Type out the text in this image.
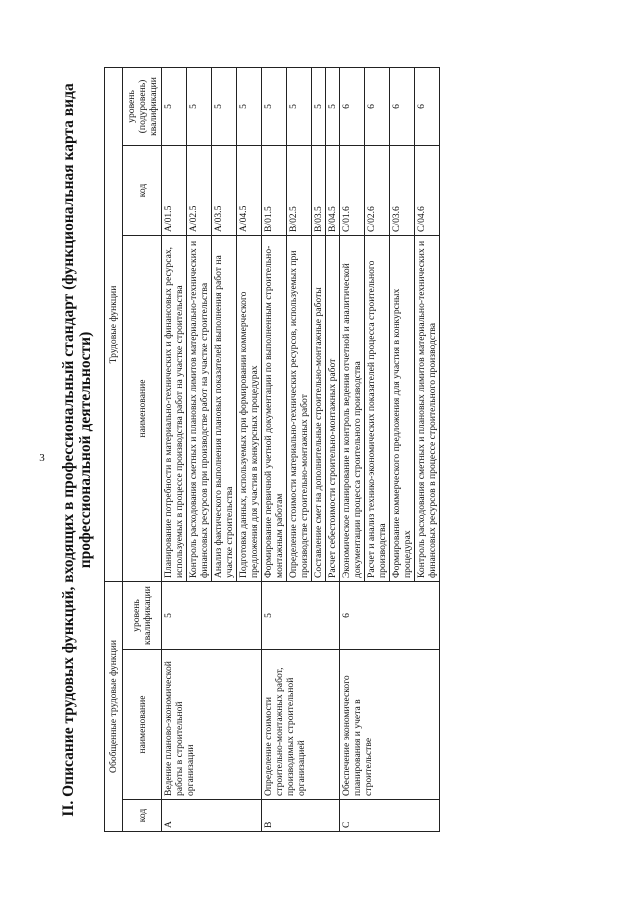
3 II. Описание трудовых функций, входящих в профессиональный стандарт (функциональная карта вида профессиональной деятельности)
Обобщенные трудовые функции			Трудовые функции		
код	наименование	уровень квалификации	наименование	код	уровень (подуровень) квалификации
A	Ведение планово-экономической работы в строительной организации	5	Планирование потребности в материально-технических и финансовых ресурсах, используемых в процессе производства работ на участке строительства	A/01.5	5
			Контроль расходования сметных и плановых лимитов материально-технических и финансовых ресурсов при производстве работ на участке строительства	A/02.5	5
			Анализ фактического выполнения плановых показателей выполнения работ на участке строительства	A/03.5	5
			Подготовка данных, используемых при формировании коммерческого предложения для участия в конкурсных процедурах	A/04.5	5
B	Определение стоимости строительно-монтажных работ, производимых строительной организацией	5	Формирование первичной учетной документации по выполненным строительно-монтажным работам	B/01.5	5
			Определение стоимости материально-технических ресурсов, используемых при производстве строительно-монтажных работ	B/02.5	5
			Составление смет на дополнительные строительно-монтажные работы	B/03.5	5
			Расчет себестоимости строительно-монтажных работ	B/04.5	5
C	Обеспечение экономического планирования и учета в строительстве	6	Экономическое планирование и контроль ведения отчетной и аналитической документации процесса строительного производства	C/01.6	6
			Расчет и анализ технико-экономических показателей процесса строительного производства	C/02.6	6
			Формирование коммерческого предложения для участия в конкурсных процедурах	C/03.6	6
			Контроль расходования сметных и плановых лимитов материально-технических и финансовых ресурсов в процессе строительного производства	C/04.6	6
